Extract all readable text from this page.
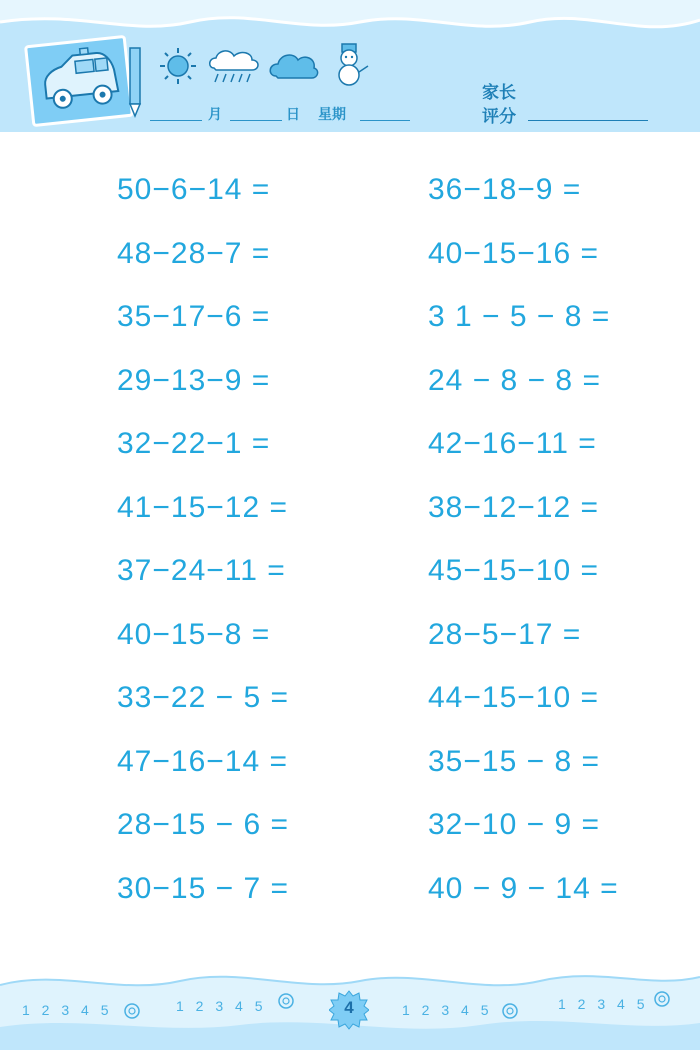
月	日 星期
家长
评分
50−6−14 =
48−28−7 =
35−17−6 =
29−13−9 =
32−22−1 =
41−15−12 =
37−24−11 =
40−15−8 =
33−22 − 5 =
47−16−14 =
28−15 − 6 =
30−15 − 7 =
36−18−9 =
40−15−16 =
3 1 − 5 − 8 =
24 − 8 − 8 =
42−16−11 =
38−12−12 =
45−15−10 =
28−5−17 =
44−15−10 =
35−15 − 8 =
32−10 − 9 =
40 − 9 − 14 =
1 2 3 4 5	1 2 3 4 5	4	1 2 3 4 5	1 2 3 4 5
